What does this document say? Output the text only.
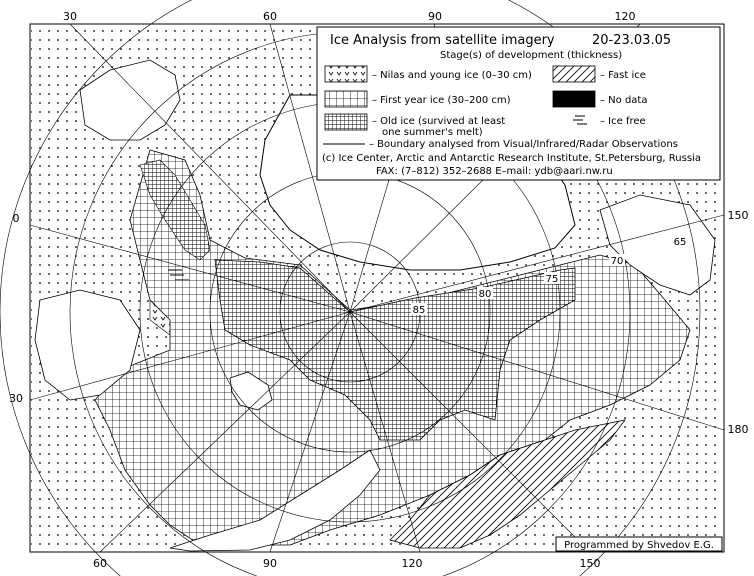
30	60	90	120
0
30
150
180
60	90	120	150
65
70
75
80
85
Ice Analysis from satellite imagery	20-23.03.05
Stage(s) of development (thickness)
– Nilas and young ice (0–30 cm)	– Fast ice
– First year ice (30–200 cm)	– No data
– Old ice (survived at least
one summer's melt)
– Ice free
– Boundary analysed from Visual/Infrared/Radar Observations
(c) Ice Center, Arctic and Antarctic Research Institute, St.Petersburg, Russia
FAX: (7–812) 352–2688 E–mail: ydb@aari.nw.ru
Programmed by Shvedov E.G.
